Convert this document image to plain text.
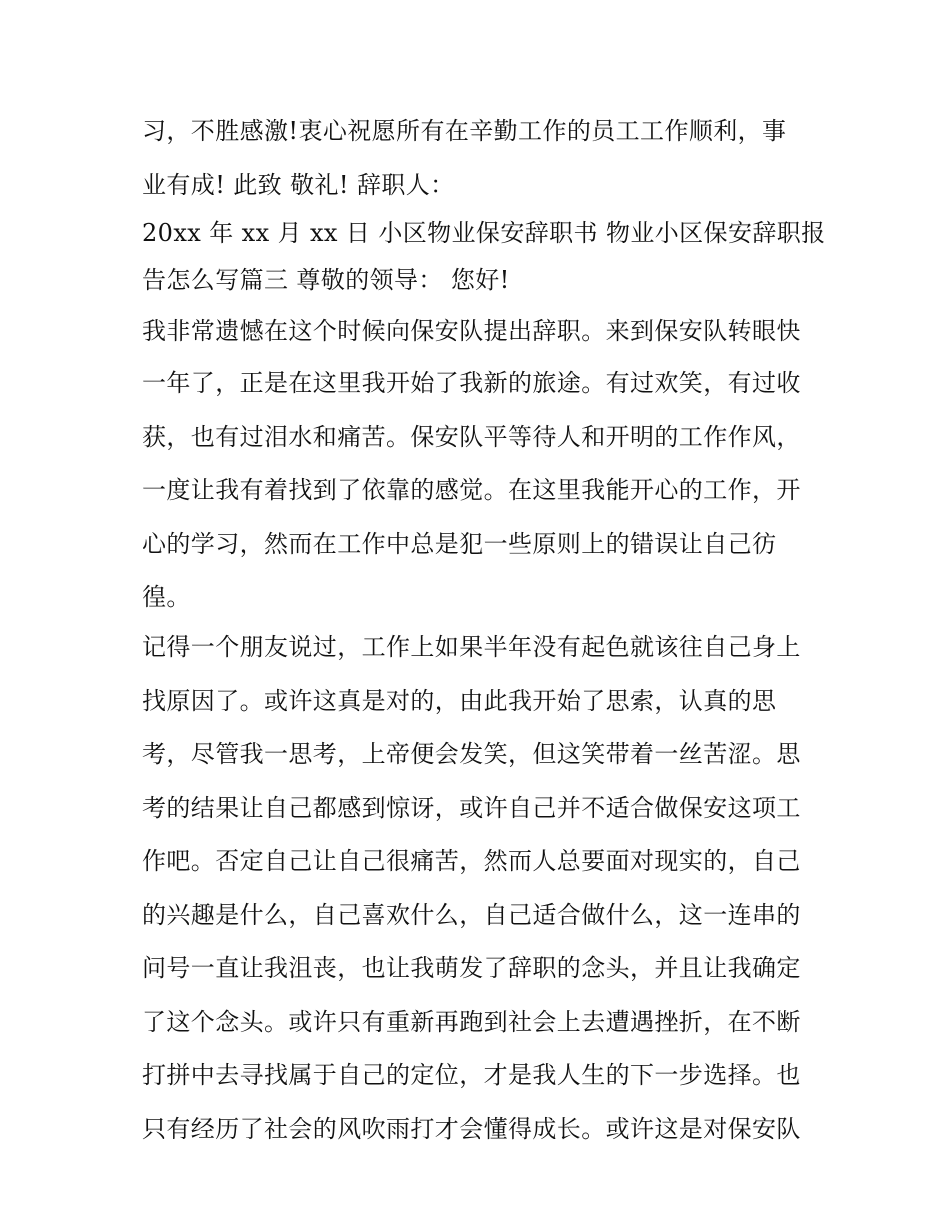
习，不胜感激!衷心祝愿所有在辛勤工作的员工工作顺利，事
业有成! 此致 敬礼! 辞职人：
20xx 年 xx 月 xx 日 小区物业保安辞职书 物业小区保安辞职报
告怎么写篇三 尊敬的领导： 您好!
我非常遗憾在这个时候向保安队提出辞职。来到保安队转眼快
一年了，正是在这里我开始了我新的旅途。有过欢笑，有过收
获，也有过泪水和痛苦。保安队平等待人和开明的工作作风，
一度让我有着找到了依靠的感觉。在这里我能开心的工作，开
心的学习，然而在工作中总是犯一些原则上的错误让自己彷
徨。
记得一个朋友说过，工作上如果半年没有起色就该往自己身上
找原因了。或许这真是对的，由此我开始了思索，认真的思
考，尽管我一思考，上帝便会发笑，但这笑带着一丝苦涩。思
考的结果让自己都感到惊讶，或许自己并不适合做保安这项工
作吧。否定自己让自己很痛苦，然而人总要面对现实的，自己
的兴趣是什么，自己喜欢什么，自己适合做什么，这一连串的
问号一直让我沮丧，也让我萌发了辞职的念头，并且让我确定
了这个念头。或许只有重新再跑到社会上去遭遇挫折，在不断
打拼中去寻找属于自己的定位，才是我人生的下一步选择。也
只有经历了社会的风吹雨打才会懂得成长。或许这是对保安队
